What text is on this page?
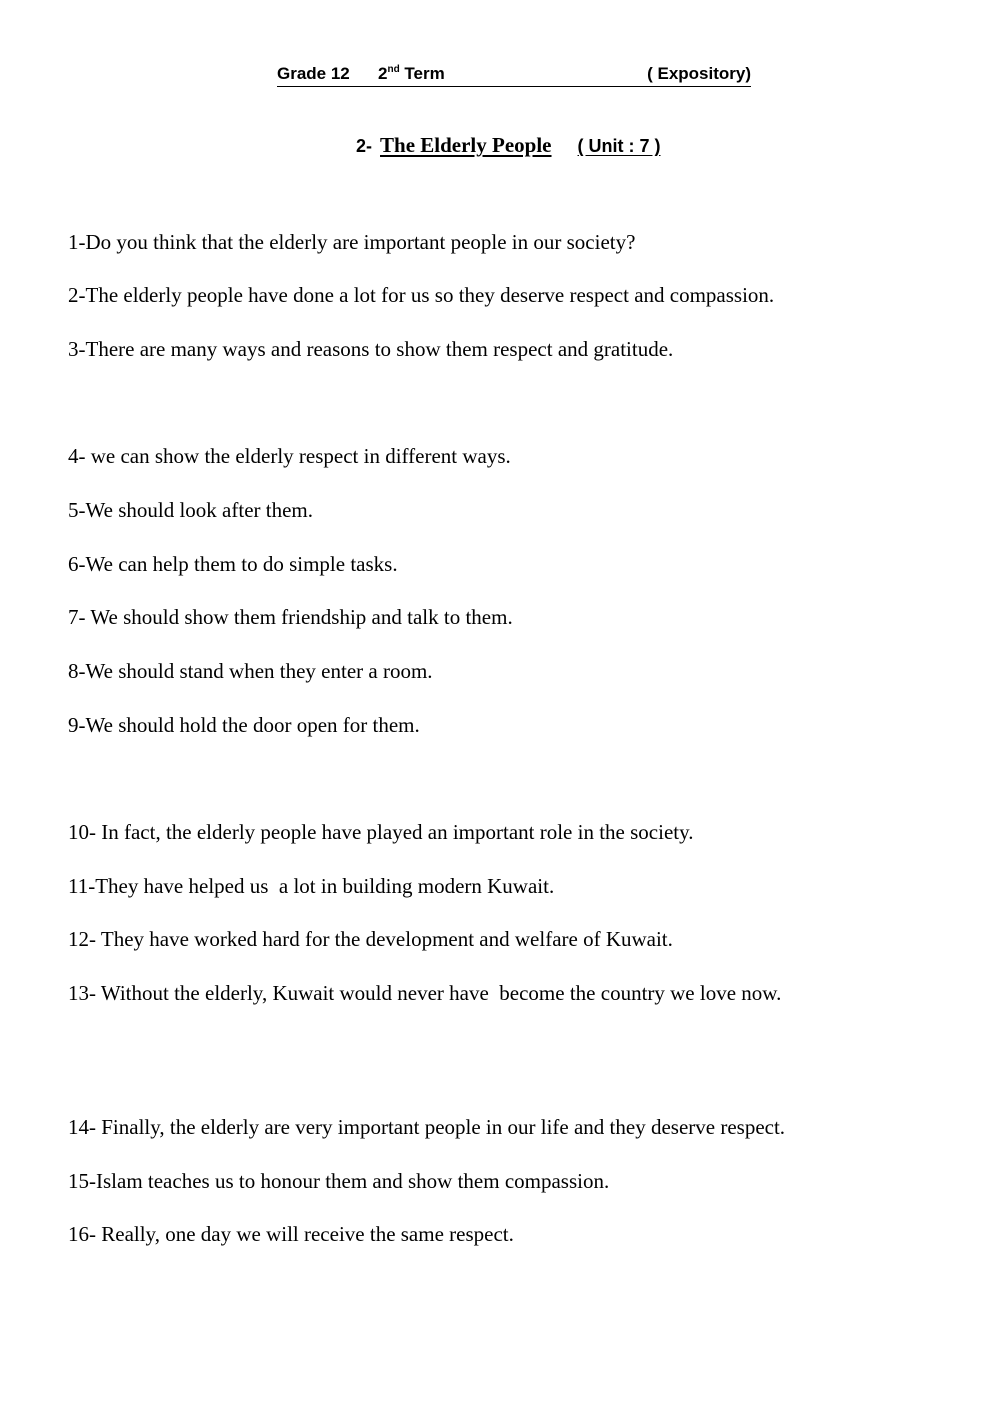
Grade 12 2nd Term	( Expository)
2- The Elderly People ( Unit : 7 )

1-Do you think that the elderly are important people in our society?

2-The elderly people have done a lot for us so they deserve respect and compassion.

3-There are many ways and reasons to show them respect and gratitude.

4- we can show the elderly respect in different ways.

5-We should look after them.

6-We can help them to do simple tasks.

7- We should show them friendship and talk to them.

8-We should stand when they enter a room.

9-We should hold the door open for them.

10- In fact, the elderly people have played an important role in the society.

11-They have helped us  a lot in building modern Kuwait.

12- They have worked hard for the development and welfare of Kuwait.

13- Without the elderly, Kuwait would never have  become the country we love now.

14- Finally, the elderly are very important people in our life and they deserve respect.

15-Islam teaches us to honour them and show them compassion.

16- Really, one day we will receive the same respect.
